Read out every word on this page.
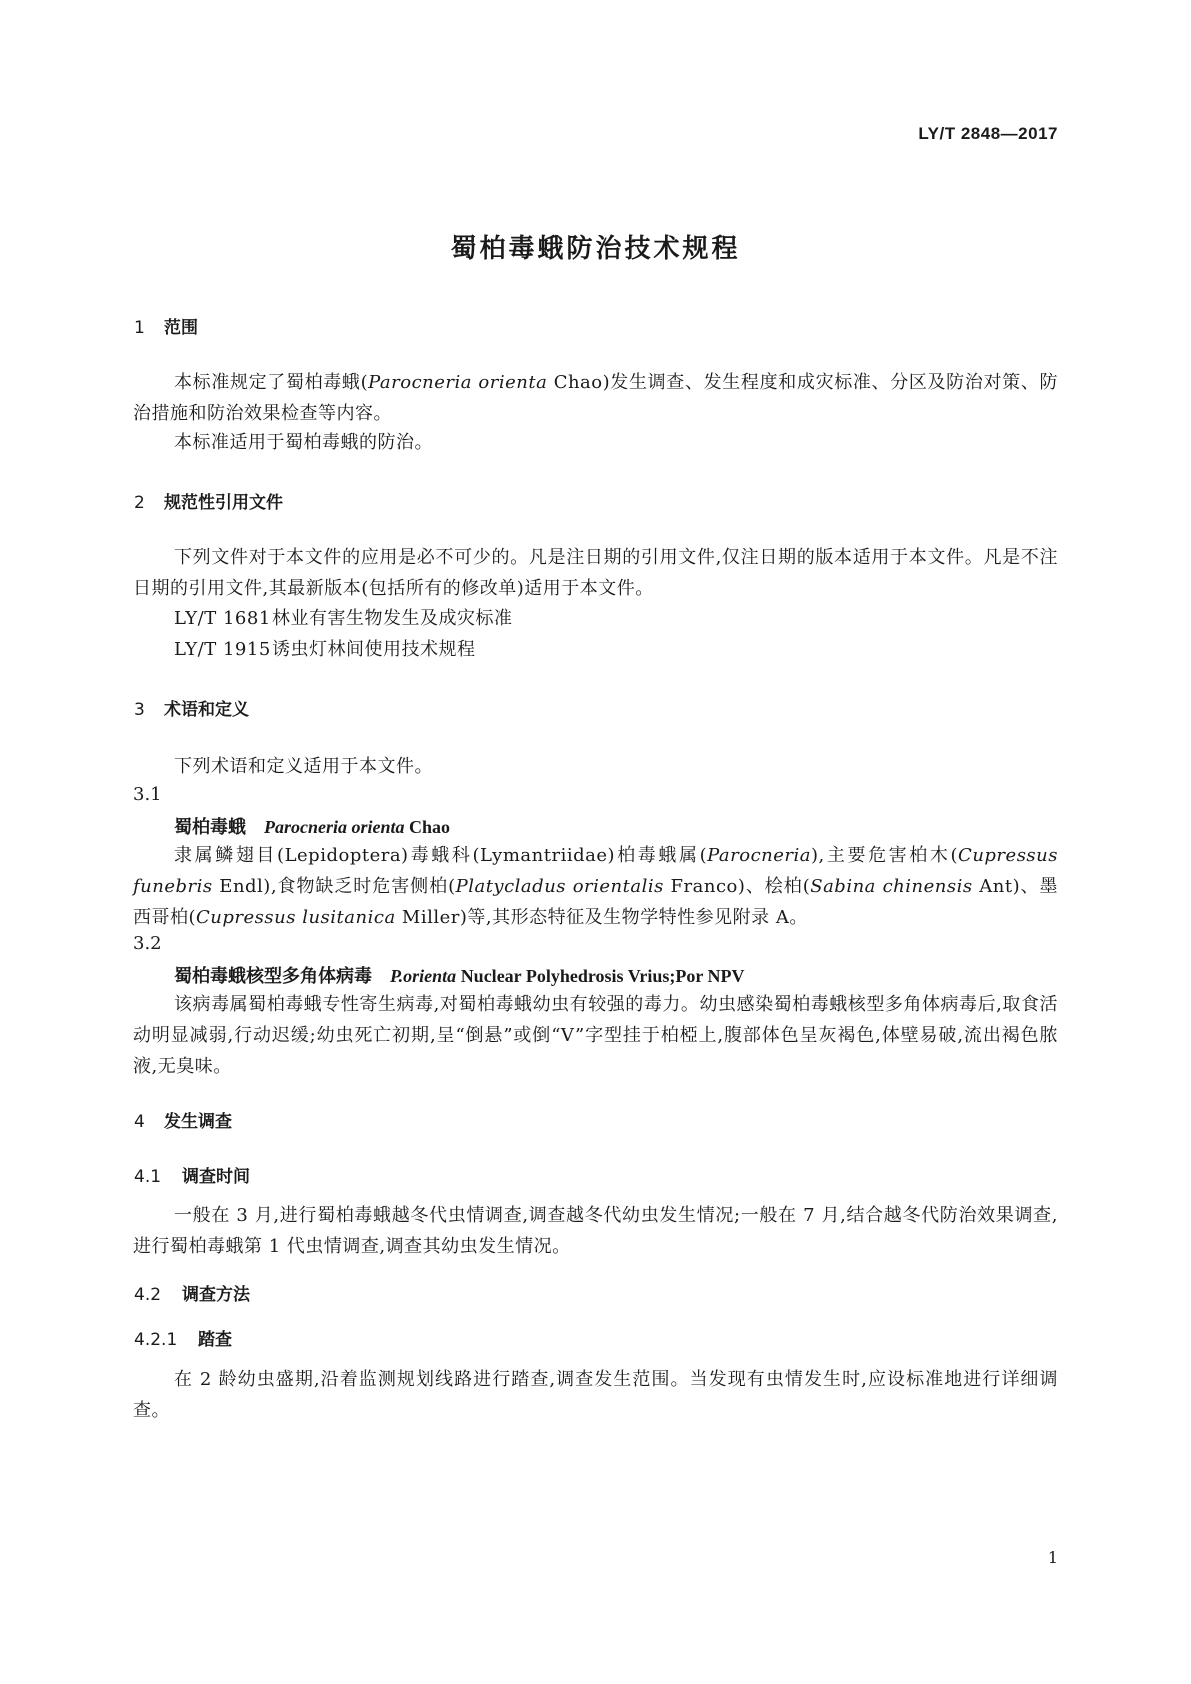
LY/T 2848—2017
蜀柏毒蛾防治技术规程
1 范围
本标准规定了蜀柏毒蛾(Parocneria orienta Chao)发生调查、发生程度和成灾标准、分区及防治对策、防治措施和防治效果检查等内容。
本标准适用于蜀柏毒蛾的防治。
2 规范性引用文件
下列文件对于本文件的应用是必不可少的。凡是注日期的引用文件,仅注日期的版本适用于本文件。凡是不注日期的引用文件,其最新版本(包括所有的修改单)适用于本文件。
LY/T 1681林业有害生物发生及成灾标准
LY/T 1915诱虫灯林间使用技术规程
3 术语和定义
下列术语和定义适用于本文件。
3.1
蜀柏毒蛾 Parocneria orienta Chao
隶属鳞翅目(Lepidoptera)毒蛾科(Lymantriidae)柏毒蛾属(Parocneria),主要危害柏木(Cupressus funebris Endl),食物缺乏时危害侧柏(Platycladus orientalis Franco)、桧柏(Sabina chinensis Ant)、墨西哥柏(Cupressus lusitanica Miller)等,其形态特征及生物学特性参见附录 A。
3.2
蜀柏毒蛾核型多角体病毒 P.orienta Nuclear Polyhedrosis Vrius;Por NPV
该病毒属蜀柏毒蛾专性寄生病毒,对蜀柏毒蛾幼虫有较强的毒力。幼虫感染蜀柏毒蛾核型多角体病毒后,取食活动明显减弱,行动迟缓;幼虫死亡初期,呈“倒悬”或倒“V”字型挂于柏椏上,腹部体色呈灰褐色,体壁易破,流出褐色脓液,无臭味。
4 发生调查
4.1 调查时间
一般在 3 月,进行蜀柏毒蛾越冬代虫情调查,调查越冬代幼虫发生情况;一般在 7 月,结合越冬代防治效果调查,进行蜀柏毒蛾第 1 代虫情调查,调查其幼虫发生情况。
4.2 调查方法
4.2.1 踏查
在 2 龄幼虫盛期,沿着监测规划线路进行踏查,调查发生范围。当发现有虫情发生时,应设标准地进行详细调查。
1
